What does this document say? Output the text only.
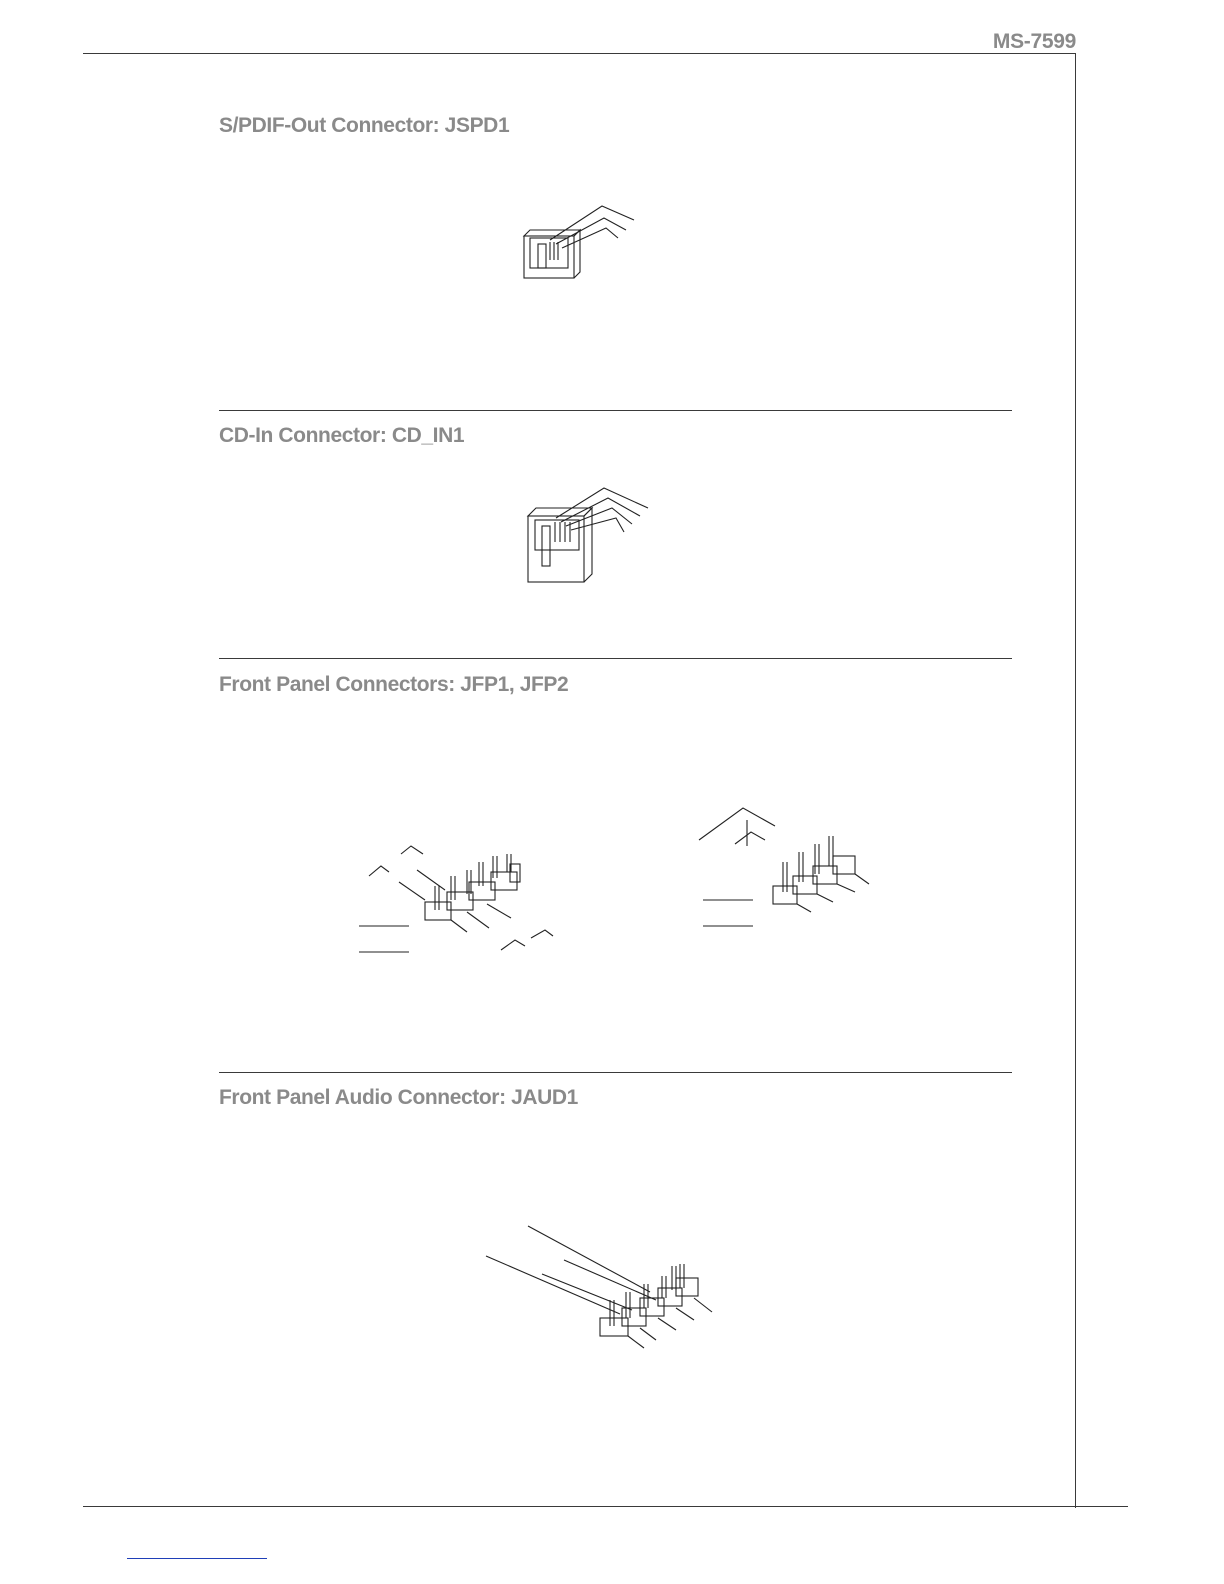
MS-7599
S/PDIF-Out Connector: JSPD1
CD-In Connector: CD_IN1
Front Panel Connectors: JFP1, JFP2
Front Panel Audio Connector: JAUD1
